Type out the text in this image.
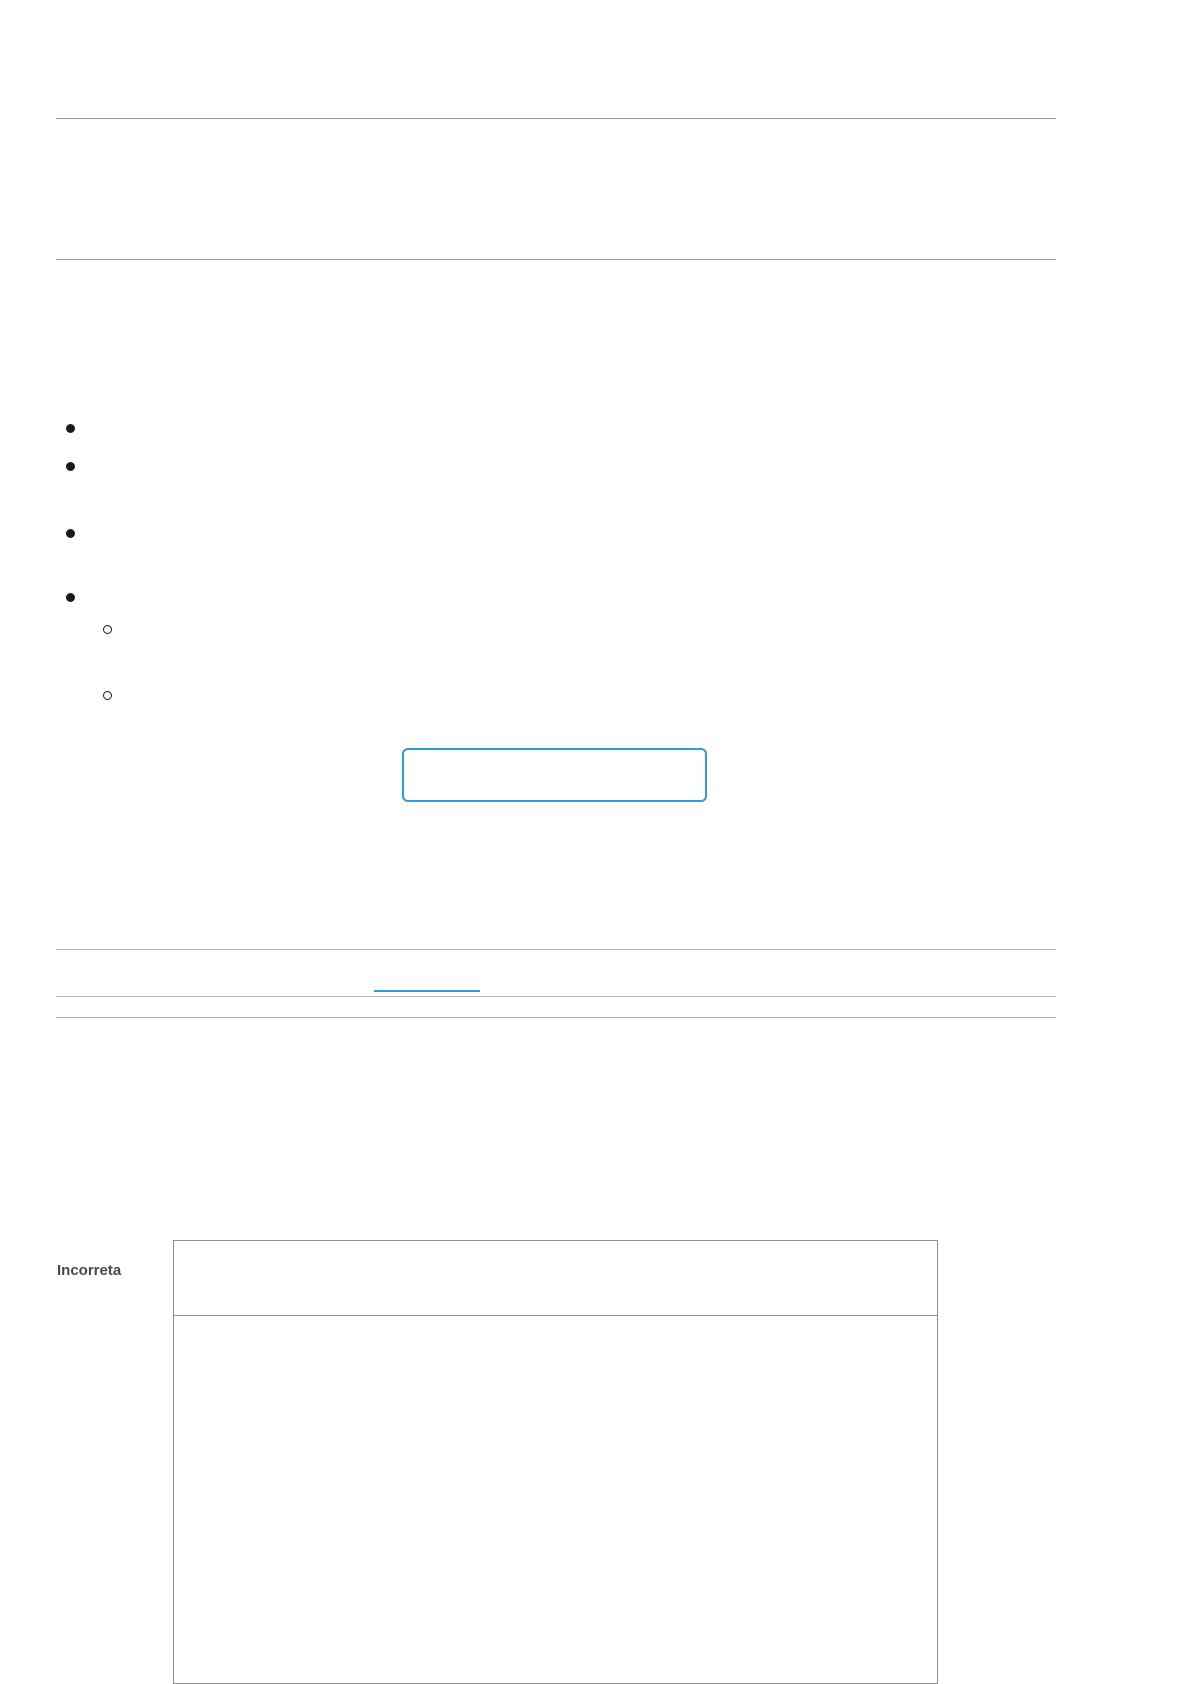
Incorreta
